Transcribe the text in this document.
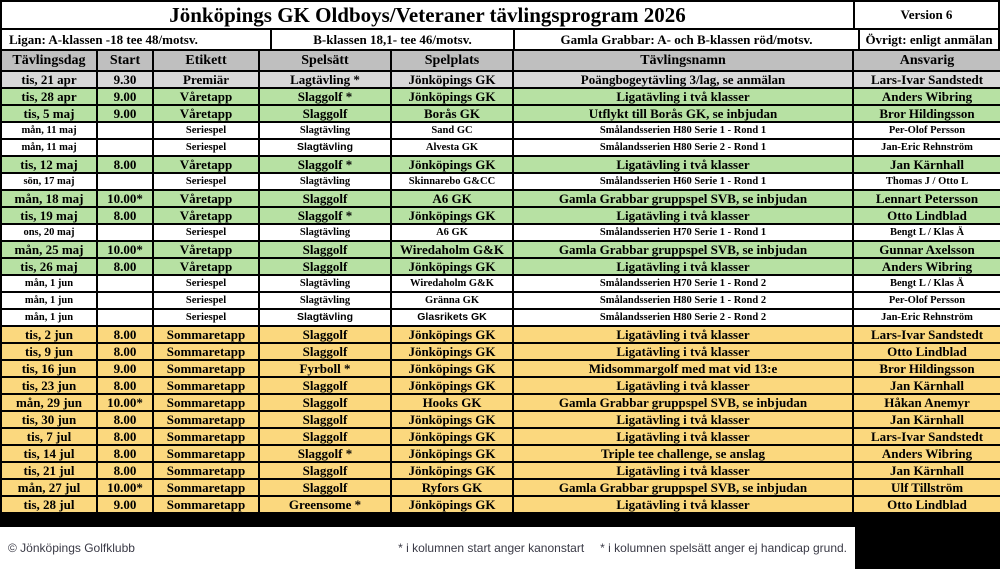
Jönköpings GK Oldboys/Veteraner tävlingsprogram 2026	Version 6
Ligan: A-klassen -18 tee 48/motsv.	B-klassen 18,1- tee 46/motsv.	Gamla Grabbar: A- och B-klassen röd/motsv.	Övrigt: enligt anmälan
Tävlingsdag	Start	Etikett	Spelsätt	Spelplats	Tävlingsnamn	Ansvarig
tis, 21 apr	9.30	Premiär	Lagtävling *	Jönköpings GK	Poängbogeytävling 3/lag, se anmälan	Lars-Ivar Sandstedt
tis, 28 apr	9.00	Våretapp	Slaggolf *	Jönköpings GK	Ligatävling i två klasser	Anders Wibring
tis, 5 maj	9.00	Våretapp	Slaggolf	Borås GK	Utflykt till Borås GK, se inbjudan	Bror Hildingsson
mån, 11 maj		Seriespel	Slagtävling	Sand GC	Smålandsserien H80 Serie 1 - Rond 1	Per-Olof Persson
mån, 11 maj		Seriespel	Slagtävling	Alvesta GK	Smålandsserien H80 Serie 2 - Rond 1	Jan-Eric Rehnström
tis, 12 maj	8.00	Våretapp	Slaggolf *	Jönköpings GK	Ligatävling i två klasser	Jan Kärnhall
sön, 17 maj		Seriespel	Slagtävling	Skinnarebo G&CC	Smålandsserien H60 Serie 1 - Rond 1	Thomas J / Otto L
mån, 18 maj	10.00*	Våretapp	Slaggolf	A6 GK	Gamla Grabbar gruppspel SVB, se inbjudan	Lennart Petersson
tis, 19 maj	8.00	Våretapp	Slaggolf *	Jönköpings GK	Ligatävling i två klasser	Otto Lindblad
ons, 20 maj		Seriespel	Slagtävling	A6 GK	Smålandsserien H70 Serie 1 - Rond 1	Bengt L / Klas Ä
mån, 25 maj	10.00*	Våretapp	Slaggolf	Wiredaholm G&K	Gamla Grabbar gruppspel SVB, se inbjudan	Gunnar Axelsson
tis, 26 maj	8.00	Våretapp	Slaggolf	Jönköpings GK	Ligatävling i två klasser	Anders Wibring
mån, 1 jun		Seriespel	Slagtävling	Wiredaholm G&K	Smålandsserien H70 Serie 1 - Rond 2	Bengt L / Klas Ä
mån, 1 jun		Seriespel	Slagtävling	Gränna GK	Smålandsserien H80 Serie 1 - Rond 2	Per-Olof Persson
mån, 1 jun		Seriespel	Slagtävling	Glasrikets GK	Smålandsserien H80 Serie 2 - Rond 2	Jan-Eric Rehnström
tis, 2 jun	8.00	Sommaretapp	Slaggolf	Jönköpings GK	Ligatävling i två klasser	Lars-Ivar Sandstedt
tis, 9 jun	8.00	Sommaretapp	Slaggolf	Jönköpings GK	Ligatävling i två klasser	Otto Lindblad
tis, 16 jun	9.00	Sommaretapp	Fyrboll *	Jönköpings GK	Midsommargolf med mat vid 13:e	Bror Hildingsson
tis, 23 jun	8.00	Sommaretapp	Slaggolf	Jönköpings GK	Ligatävling i två klasser	Jan Kärnhall
mån, 29 jun	10.00*	Sommaretapp	Slaggolf	Hooks GK	Gamla Grabbar gruppspel SVB, se inbjudan	Håkan Anemyr
tis, 30 jun	8.00	Sommaretapp	Slaggolf	Jönköpings GK	Ligatävling i två klasser	Jan Kärnhall
tis, 7 jul	8.00	Sommaretapp	Slaggolf	Jönköpings GK	Ligatävling i två klasser	Lars-Ivar Sandstedt
tis, 14 jul	8.00	Sommaretapp	Slaggolf *	Jönköpings GK	Triple tee challenge, se anslag	Anders Wibring
tis, 21 jul	8.00	Sommaretapp	Slaggolf	Jönköpings GK	Ligatävling i två klasser	Jan Kärnhall
mån, 27 jul	10.00*	Sommaretapp	Slaggolf	Ryfors GK	Gamla Grabbar gruppspel SVB, se inbjudan	Ulf Tillström
tis, 28 jul	9.00	Sommaretapp	Greensome *	Jönköpings GK	Ligatävling i två klasser	Otto Lindblad
© Jönköpings Golfklubb	* i kolumnen start anger kanonstart * i kolumnen spelsätt anger ej handicap grund.
